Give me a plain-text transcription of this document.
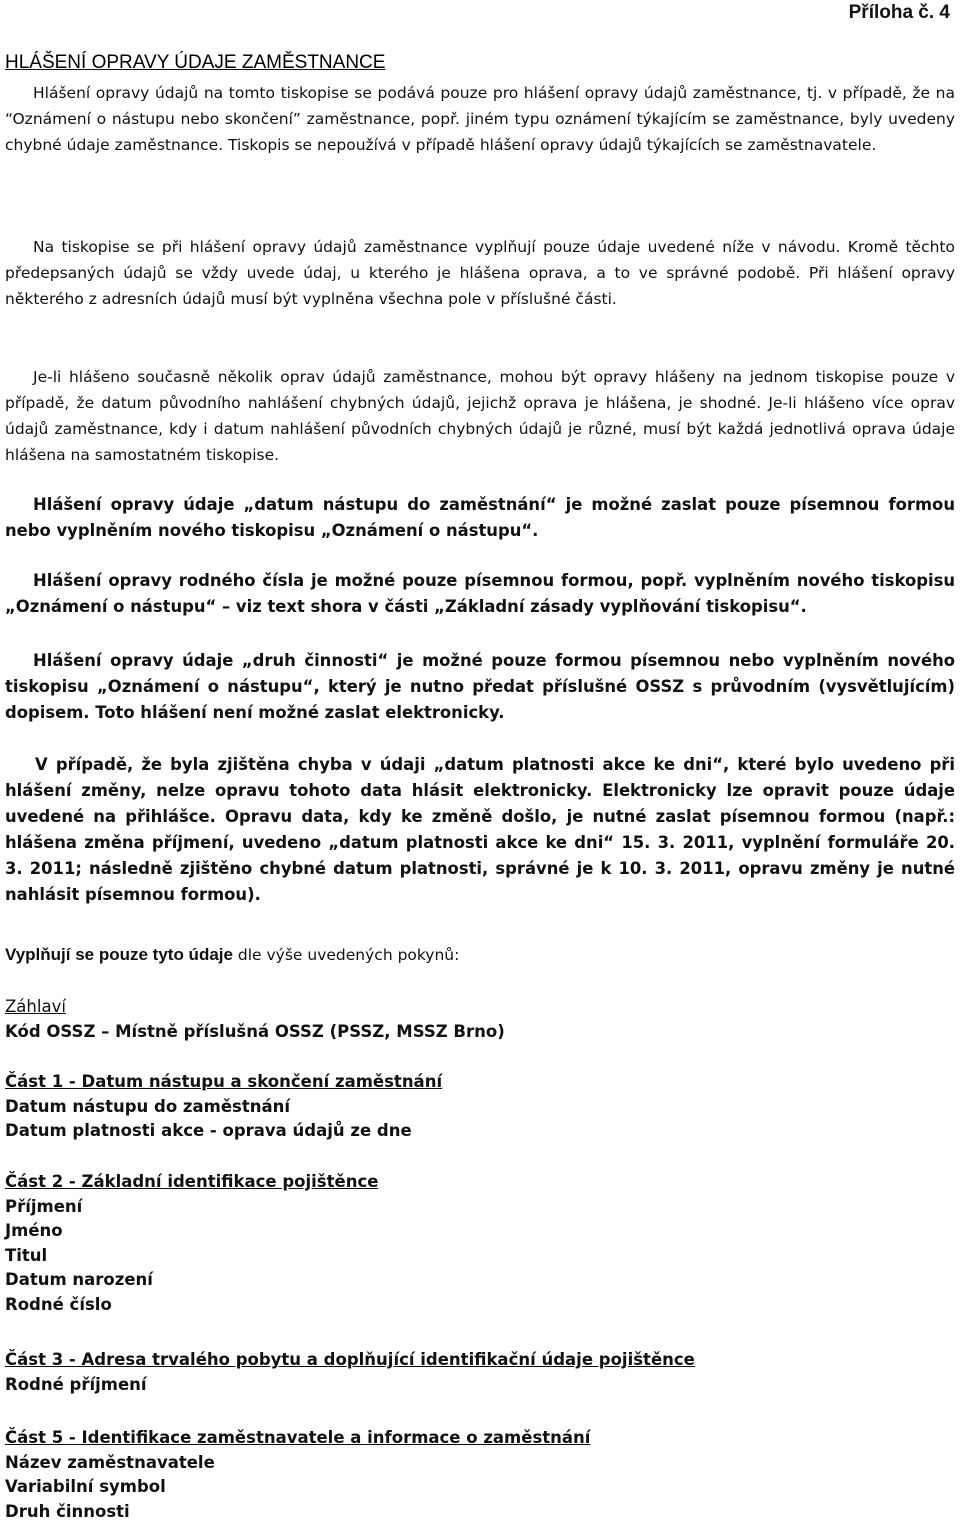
Příloha č. 4
HLÁŠENÍ OPRAVY ÚDAJE ZAMĚSTNANCE

Hlášení opravy údajů na tomto tiskopise se podává pouze pro hlášení opravy údajů zaměstnance, tj. v případě, že na “Oznámení o nástupu nebo skončení” zaměstnance, popř. jiném typu oznámení týkajícím se zaměstnance, byly uvedeny chybné údaje zaměstnance. Tiskopis se nepoužívá v případě hlášení opravy údajů týkajících se zaměstnavatele.

Na tiskopise se při hlášení opravy údajů zaměstnance vyplňují pouze údaje uvedené níže v návodu. Kromě těchto předepsaných údajů se vždy uvede údaj, u kterého je hlášena oprava, a to ve správné podobě. Při hlášení opravy některého z adresních údajů musí být vyplněna všechna pole v příslušné části.

Je-li hlášeno současně několik oprav údajů zaměstnance, mohou být opravy hlášeny na jednom tiskopise pouze v případě, že datum původního nahlášení chybných údajů, jejichž oprava je hlášena, je shodné. Je-li hlášeno více oprav údajů zaměstnance, kdy i datum nahlášení původních chybných údajů je různé, musí být každá jednotlivá oprava údaje hlášena na samostatném tiskopise.

Hlášení opravy údaje „datum nástupu do zaměstnání“ je možné zaslat pouze písemnou formou nebo vyplněním nového tiskopisu „Oznámení o nástupu“.

Hlášení opravy rodného čísla je možné pouze písemnou formou, popř. vyplněním nového tiskopisu „Oznámení o nástupu“ – viz text shora v části „Základní zásady vyplňování tiskopisu“.

Hlášení opravy údaje „druh činnosti“ je možné pouze formou písemnou nebo vyplněním nového tiskopisu „Oznámení o nástupu“, který je nutno předat příslušné OSSZ s průvodním (vysvětlujícím) dopisem. Toto hlášení není možné zaslat elektronicky.

V případě, že byla zjištěna chyba v údaji „datum platnosti akce ke dni“, které bylo uvedeno při hlášení změny, nelze opravu tohoto data hlásit elektronicky. Elektronicky lze opravit pouze údaje uvedené na přihlášce. Opravu data, kdy ke změně došlo, je nutné zaslat písemnou formou (např.: hlášena změna příjmení, uvedeno „datum platnosti akce ke dni“ 15. 3. 2011, vyplnění formuláře 20. 3. 2011; následně zjištěno chybné datum platnosti, správné je k 10. 3. 2011, opravu změny je nutné nahlásit písemnou formou).

Vyplňují se pouze tyto údaje dle výše uvedených pokynů:

Záhlaví
Kód OSSZ – Místně příslušná OSSZ (PSSZ, MSSZ Brno)
Část 1 - Datum nástupu a skončení zaměstnání
Datum nástupu do zaměstnání
Datum platnosti akce - oprava údajů ze dne
Část 2 - Základní identifikace pojištěnce
Příjmení
Jméno
Titul
Datum narození
Rodné číslo
Část 3 - Adresa trvalého pobytu a doplňující identifikační údaje pojištěnce
Rodné příjmení
Část 5 - Identifikace zaměstnavatele a informace o zaměstnání
Název zaměstnavatele
Variabilní symbol
Druh činnosti
